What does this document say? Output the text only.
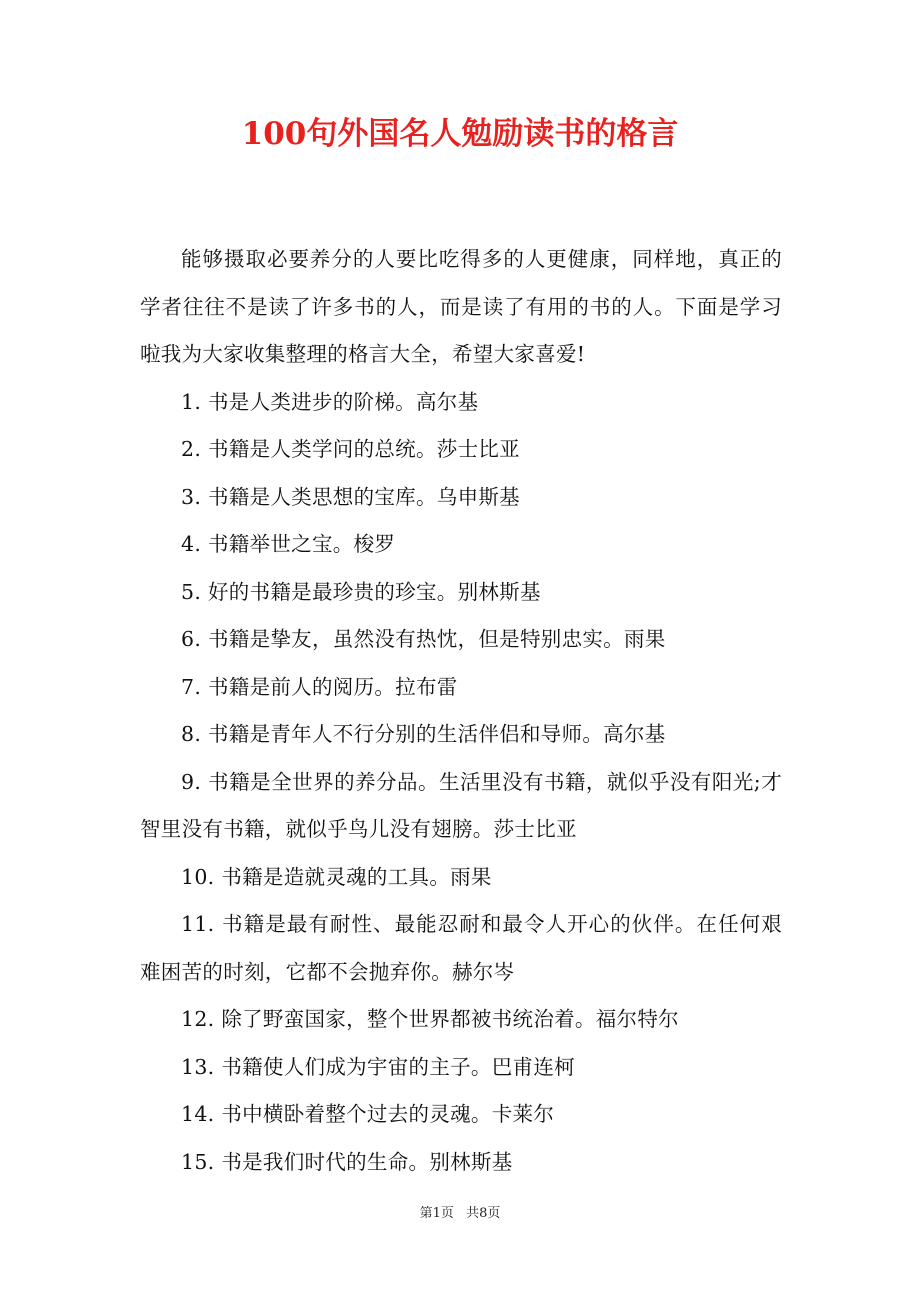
100句外国名人勉励读书的格言

能够摄取必要养分的人要比吃得多的人更健康，同样地，真正的学者往往不是读了许多书的人，而是读了有用的书的人。下面是学习啦我为大家收集整理的格言大全，希望大家喜爱!

1. 书是人类进步的阶梯。高尔基

2. 书籍是人类学问的总统。莎士比亚

3. 书籍是人类思想的宝库。乌申斯基

4. 书籍举世之宝。梭罗

5. 好的书籍是最珍贵的珍宝。别林斯基

6. 书籍是挚友，虽然没有热忱，但是特别忠实。雨果

7. 书籍是前人的阅历。拉布雷

8. 书籍是青年人不行分别的生活伴侣和导师。高尔基

9. 书籍是全世界的养分品。生活里没有书籍，就似乎没有阳光;才智里没有书籍，就似乎鸟儿没有翅膀。莎士比亚

10. 书籍是造就灵魂的工具。雨果

11. 书籍是最有耐性、最能忍耐和最令人开心的伙伴。在任何艰难困苦的时刻，它都不会抛弃你。赫尔岑

12. 除了野蛮国家，整个世界都被书统治着。福尔特尔

13. 书籍使人们成为宇宙的主子。巴甫连柯

14. 书中横卧着整个过去的灵魂。卡莱尔

15. 书是我们时代的生命。别林斯基

第1页 共8页
